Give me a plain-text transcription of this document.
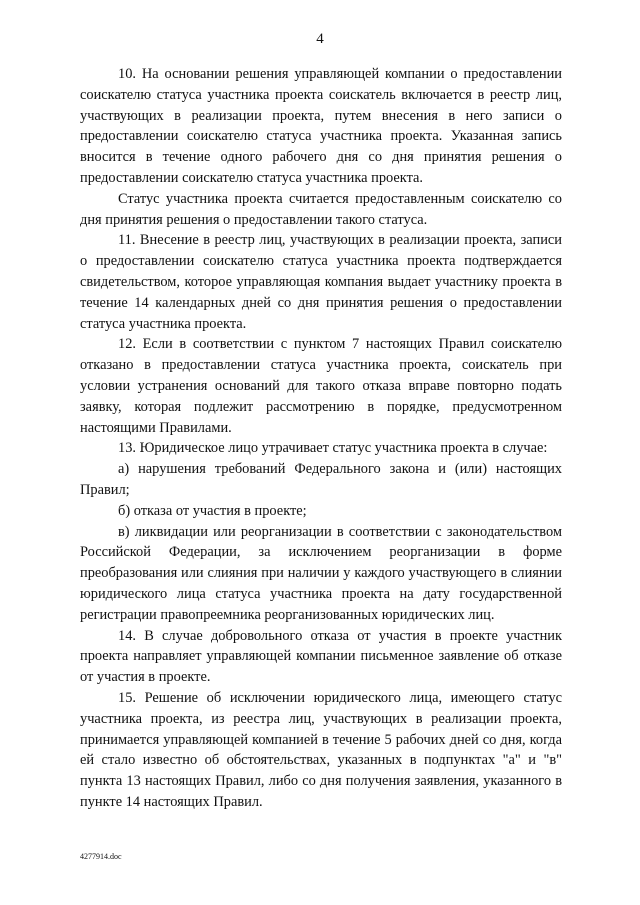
4

10. На основании решения управляющей компании о предоставлении соискателю статуса участника проекта соискатель включается в реестр лиц, участвующих в реализации проекта, путем внесения в него записи о предоставлении соискателю статуса участника проекта. Указанная запись вносится в течение одного рабочего дня со дня принятия решения о предоставлении соискателю статуса участника проекта.

Статус участника проекта считается предоставленным соискателю со дня принятия решения о предоставлении такого статуса.

11. Внесение в реестр лиц, участвующих в реализации проекта, записи о предоставлении соискателю статуса участника проекта подтверждается свидетельством, которое управляющая компания выдает участнику проекта в течение 14 календарных дней со дня принятия решения о предоставлении статуса участника проекта.

12. Если в соответствии с пунктом 7 настоящих Правил соискателю отказано в предоставлении статуса участника проекта, соискатель при условии устранения оснований для такого отказа вправе повторно подать заявку, которая подлежит рассмотрению в порядке, предусмотренном настоящими Правилами.

13. Юридическое лицо утрачивает статус участника проекта в случае:

а) нарушения требований Федерального закона и (или) настоящих Правил;

б) отказа от участия в проекте;

в) ликвидации или реорганизации в соответствии с законодательством Российской Федерации, за исключением реорганизации в форме преобразования или слияния при наличии у каждого участвующего в слиянии юридического лица статуса участника проекта на дату государственной регистрации правопреемника реорганизованных юридических лиц.

14. В случае добровольного отказа от участия в проекте участник проекта направляет управляющей компании письменное заявление об отказе от участия в проекте.

15. Решение об исключении юридического лица, имеющего статус участника проекта, из реестра лиц, участвующих в реализации проекта, принимается управляющей компанией в течение 5 рабочих дней со дня, когда ей стало известно об обстоятельствах, указанных в подпунктах "а" и "в" пункта 13 настоящих Правил, либо со дня получения заявления, указанного в пункте 14 настоящих Правил.

4277914.doc
